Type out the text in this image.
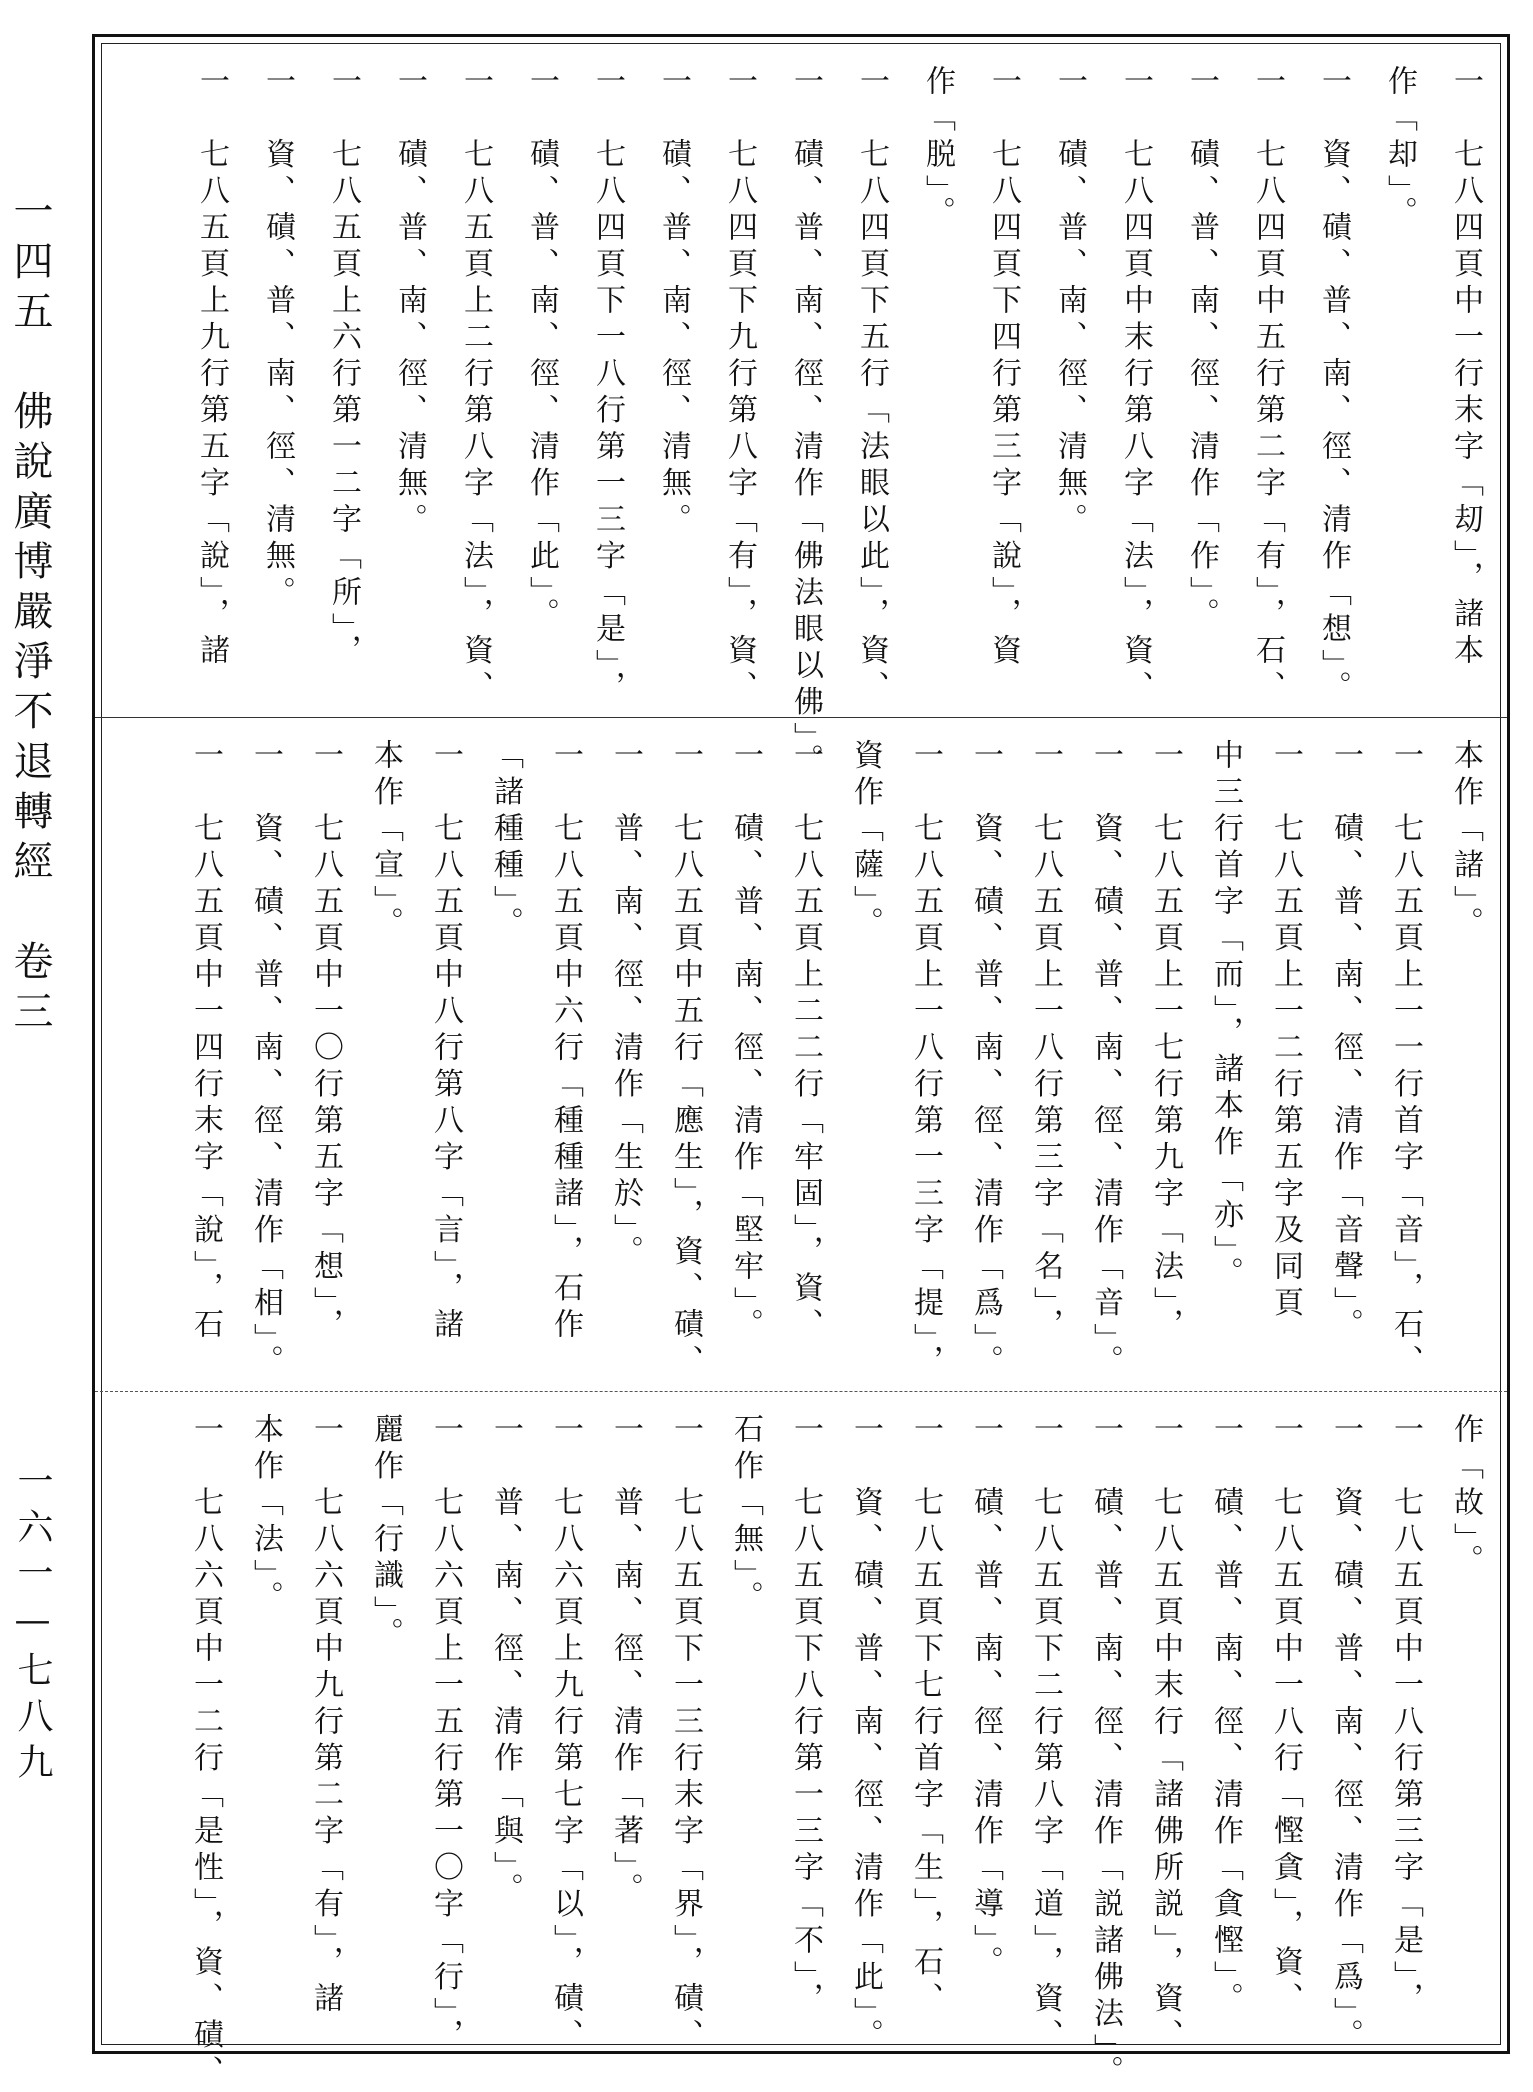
一四五　佛說廣博嚴淨不退轉經　卷三
一六一—七八九
一　七八四頁中一行末字「刧」，諸本
作「却」。
一　資、磧、普、南、徑、清作「想」。
一　七八四頁中五行第二字「有」，石、
一　磧、普、南、徑、清作「作」。
一　七八四頁中末行第八字「法」，資、
一　磧、普、南、徑、清無。
一　七八四頁下四行第三字「說」，資
作「脱」。
一　七八四頁下五行「法眼以此」，資、
一　磧、普、南、徑、清作「佛法眼以佛」。
一　七八四頁下九行第八字「有」，資、
一　磧、普、南、徑、清無。
一　七八四頁下一八行第一三字「是」，
一　磧、普、南、徑、清作「此」。
一　七八五頁上二行第八字「法」，資、
一　磧、普、南、徑、清無。
一　七八五頁上六行第一二字「所」，
一　資、磧、普、南、徑、清無。
一　七八五頁上九行第五字「說」，諸
本作「諸」。
一　七八五頁上一一行首字「音」，石、
一　磧、普、南、徑、清作「音聲」。
一　七八五頁上一二行第五字及同頁
中三行首字「而」，諸本作「亦」。
一　七八五頁上一七行第九字「法」，
一　資、磧、普、南、徑、清作「音」。
一　七八五頁上一八行第三字「名」，
一　資、磧、普、南、徑、清作「爲」。
一　七八五頁上一八行第一三字「提」，
資作「薩」。
一　七八五頁上二二行「牢固」，資、
一　磧、普、南、徑、清作「堅牢」。
一　七八五頁中五行「應生」，資、磧、
一　普、南、徑、清作「生於」。
一　七八五頁中六行「種種諸」，石作
「諸種種」。
一　七八五頁中八行第八字「言」，諸
本作「宣」。
一　七八五頁中一〇行第五字「想」，
一　資、磧、普、南、徑、清作「相」。
一　七八五頁中一四行末字「說」，石
作「故」。
一　七八五頁中一八行第三字「是」，
一　資、磧、普、南、徑、清作「爲」。
一　七八五頁中一八行「慳貪」，資、
一　磧、普、南、徑、清作「貪慳」。
一　七八五頁中末行「諸佛所説」，資、
一　磧、普、南、徑、清作「説諸佛法」。
一　七八五頁下二行第八字「道」，資、
一　磧、普、南、徑、清作「導」。
一　七八五頁下七行首字「生」，石、
一　資、磧、普、南、徑、清作「此」。
一　七八五頁下八行第一三字「不」，
石作「無」。
一　七八五頁下一三行末字「界」，磧、
一　普、南、徑、清作「著」。
一　七八六頁上九行第七字「以」，磧、
一　普、南、徑、清作「與」。
一　七八六頁上一五行第一〇字「行」，
麗作「行識」。
一　七八六頁中九行第二字「有」，諸
本作「法」。
一　七八六頁中一二行「是性」，資、磧、
